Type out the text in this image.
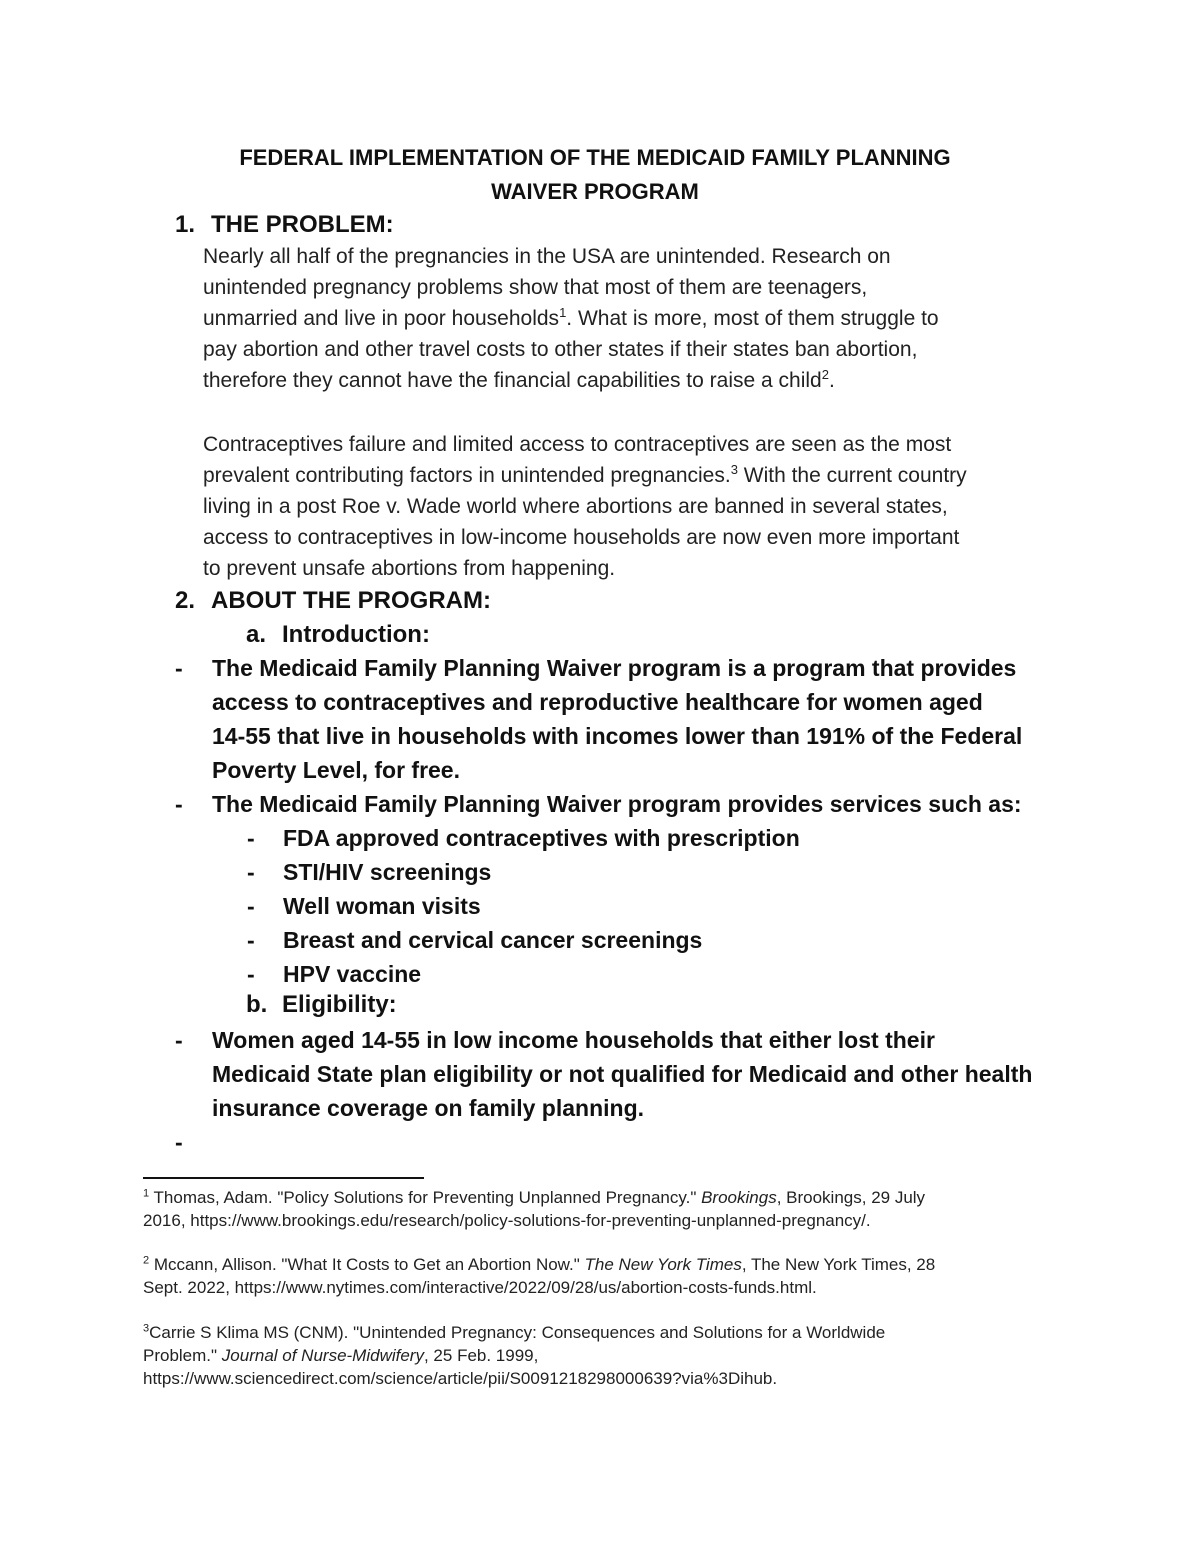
FEDERAL IMPLEMENTATION OF THE MEDICAID FAMILY PLANNING
WAIVER PROGRAM
1. THE PROBLEM:
Nearly all half of the pregnancies in the USA are unintended. Research on
unintended pregnancy problems show that most of them are teenagers,
unmarried and live in poor households$^1$. What is more, most of them struggle to
pay abortion and other travel costs to other states if their states ban abortion,
therefore they cannot have the financial capabilities to raise a child$^2$.
Contraceptives failure and limited access to contraceptives are seen as the most
prevalent contributing factors in unintended pregnancies.$^3$ With the current country
living in a post Roe v. Wade world where abortions are banned in several states,
access to contraceptives in low-income households are now even more important
to prevent unsafe abortions from happening.
2. ABOUT THE PROGRAM:
a. Introduction:
- The Medicaid Family Planning Waiver program is a program that provides
access to contraceptives and reproductive healthcare for women aged
14-55 that live in households with incomes lower than 191% of the Federal
Poverty Level, for free.
- The Medicaid Family Planning Waiver program provides services such as:
- FDA approved contraceptives with prescription
- STI/HIV screenings
- Well woman visits
- Breast and cervical cancer screenings
- HPV vaccine
b. Eligibility:
- Women aged 14-55 in low income households that either lost their
Medicaid State plan eligibility or not qualified for Medicaid and other health
insurance coverage on family planning.
-
$^1$ Thomas, Adam. "Policy Solutions for Preventing Unplanned Pregnancy." Brookings, Brookings, 29 July
2016, https://www.brookings.edu/research/policy-solutions-for-preventing-unplanned-pregnancy/.
$^2$ Mccann, Allison. "What It Costs to Get an Abortion Now." The New York Times, The New York Times, 28
Sept. 2022, https://www.nytimes.com/interactive/2022/09/28/us/abortion-costs-funds.html.
$^3$Carrie S Klima MS (CNM). "Unintended Pregnancy: Consequences and Solutions for a Worldwide
Problem." Journal of Nurse-Midwifery, 25 Feb. 1999,
https://www.sciencedirect.com/science/article/pii/S0091218298000639?via%3Dihub.
